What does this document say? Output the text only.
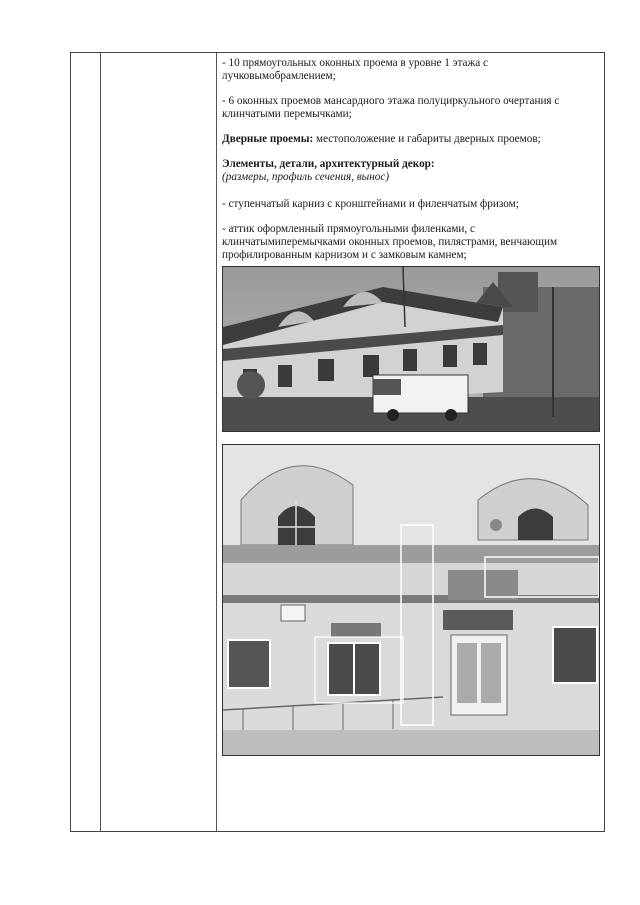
- 10 прямоугольных оконных проема в уровне 1 этажа с лучковымобрамлением;

- 6 оконных проемов мансардного этажа полуциркульного очертания с клинчатыми перемычками;

Дверные проемы: местоположение и габариты дверных проемов;

Элементы, детали, архитектурный декор:
(размеры, профиль сечения, вынос)

- ступенчатый карниз с кронштейнами и филенчатым фризом;

- аттик оформленный прямоугольными филенками, с клинчатымиперемычками оконных проемов, пилястрами, венчающим профилированным карнизом и с замковым камнем;
